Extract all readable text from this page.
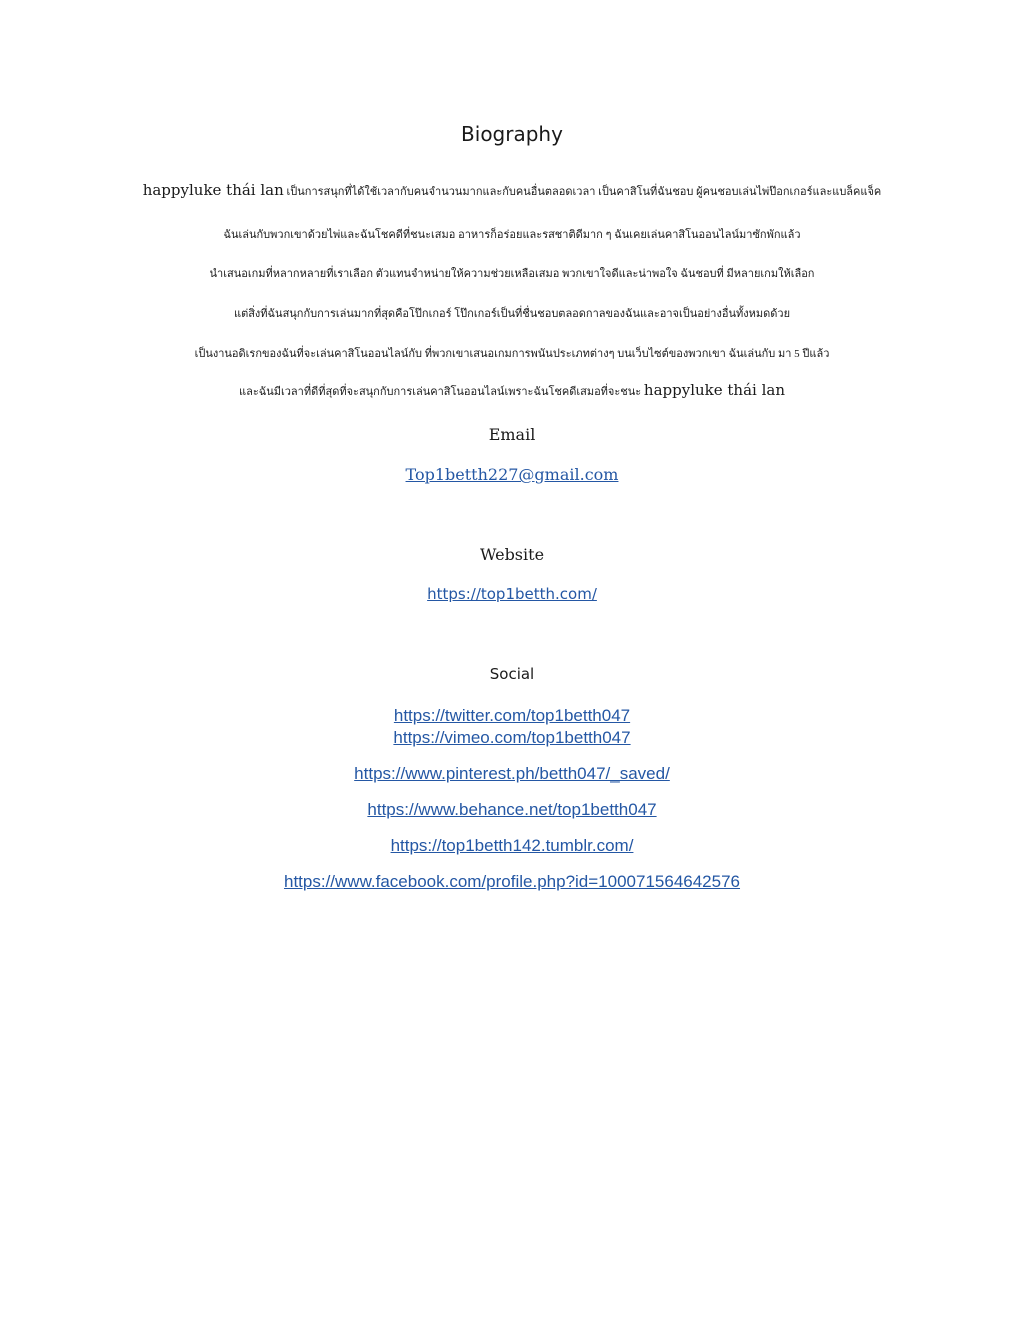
Biography
happyluke thái lan เป็นการสนุกที่ได้ใช้เวลากับคนจำนวนมากและกับคนอื่นตลอดเวลา เป็นคาสิโนที่ฉันชอบ ผู้คนชอบเล่นไพ่ป๊อกเกอร์และแบล็คแจ็ค
ฉันเล่นกับพวกเขาด้วยไพ่และฉันโชคดีที่ชนะเสมอ อาหารก็อร่อยและรสชาติดีมาก ๆ ฉันเคยเล่นคาสิโนออนไลน์มาซักพักแล้ว
นำเสนอเกมที่หลากหลายที่เราเลือก ตัวแทนจำหน่ายให้ความช่วยเหลือเสมอ พวกเขาใจดีและน่าพอใจ ฉันชอบที่ มีหลายเกมให้เลือก
แต่สิ่งที่ฉันสนุกกับการเล่นมากที่สุดคือโป๊กเกอร์ โป๊กเกอร์เป็นที่ชื่นชอบตลอดกาลของฉันและอาจเป็นอย่างอื่นทั้งหมดด้วย
เป็นงานอดิเรกของฉันที่จะเล่นคาสิโนออนไลน์กับ ที่พวกเขาเสนอเกมการพนันประเภทต่างๆ บนเว็บไซต์ของพวกเขา ฉันเล่นกับ มา 5 ปีแล้ว
และฉันมีเวลาที่ดีที่สุดที่จะสนุกกับการเล่นคาสิโนออนไลน์เพราะฉันโชคดีเสมอที่จะชนะ happyluke thái lan
Email
Top1betth227@gmail.com
Website
https://top1betth.com/
Social
https://twitter.com/top1betth047
https://vimeo.com/top1betth047
https://www.pinterest.ph/betth047/_saved/
https://www.behance.net/top1betth047
https://top1betth142.tumblr.com/
https://www.facebook.com/profile.php?id=100071564642576
